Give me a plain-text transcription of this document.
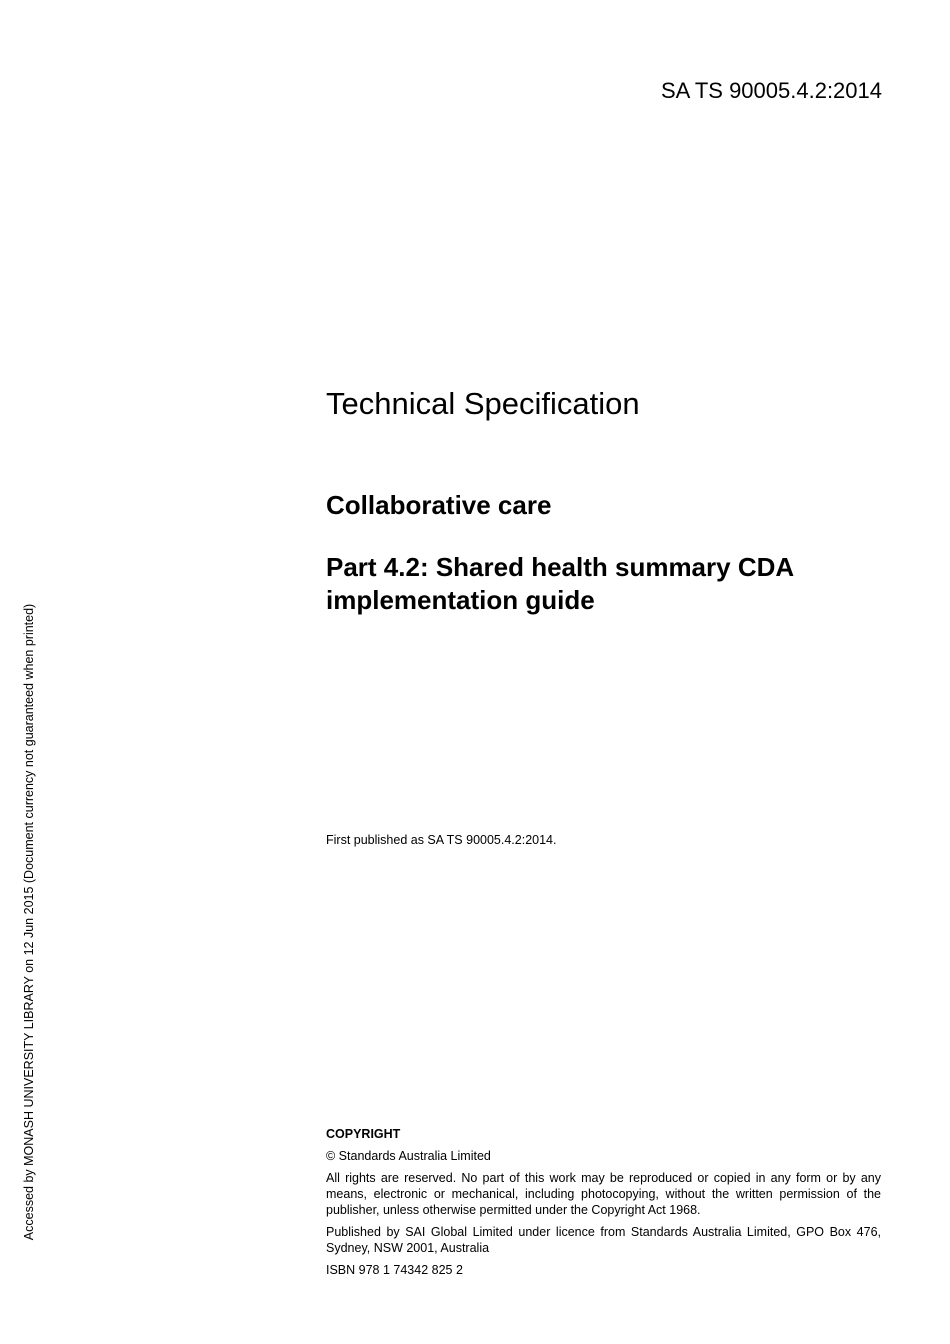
SA TS 90005.4.2:2014
Accessed by MONASH UNIVERSITY LIBRARY on 12 Jun 2015 (Document currency not guaranteed when printed)
Technical Specification
Collaborative care
Part 4.2: Shared health summary CDA implementation guide
First published as SA TS 90005.4.2:2014.

COPYRIGHT

© Standards Australia Limited

All rights are reserved. No part of this work may be reproduced or copied in any form or by any means, electronic or mechanical, including photocopying, without the written permission of the publisher, unless otherwise permitted under the Copyright Act 1968.

Published by SAI Global Limited under licence from Standards Australia Limited, GPO Box 476, Sydney, NSW 2001, Australia

ISBN 978 1 74342 825 2
